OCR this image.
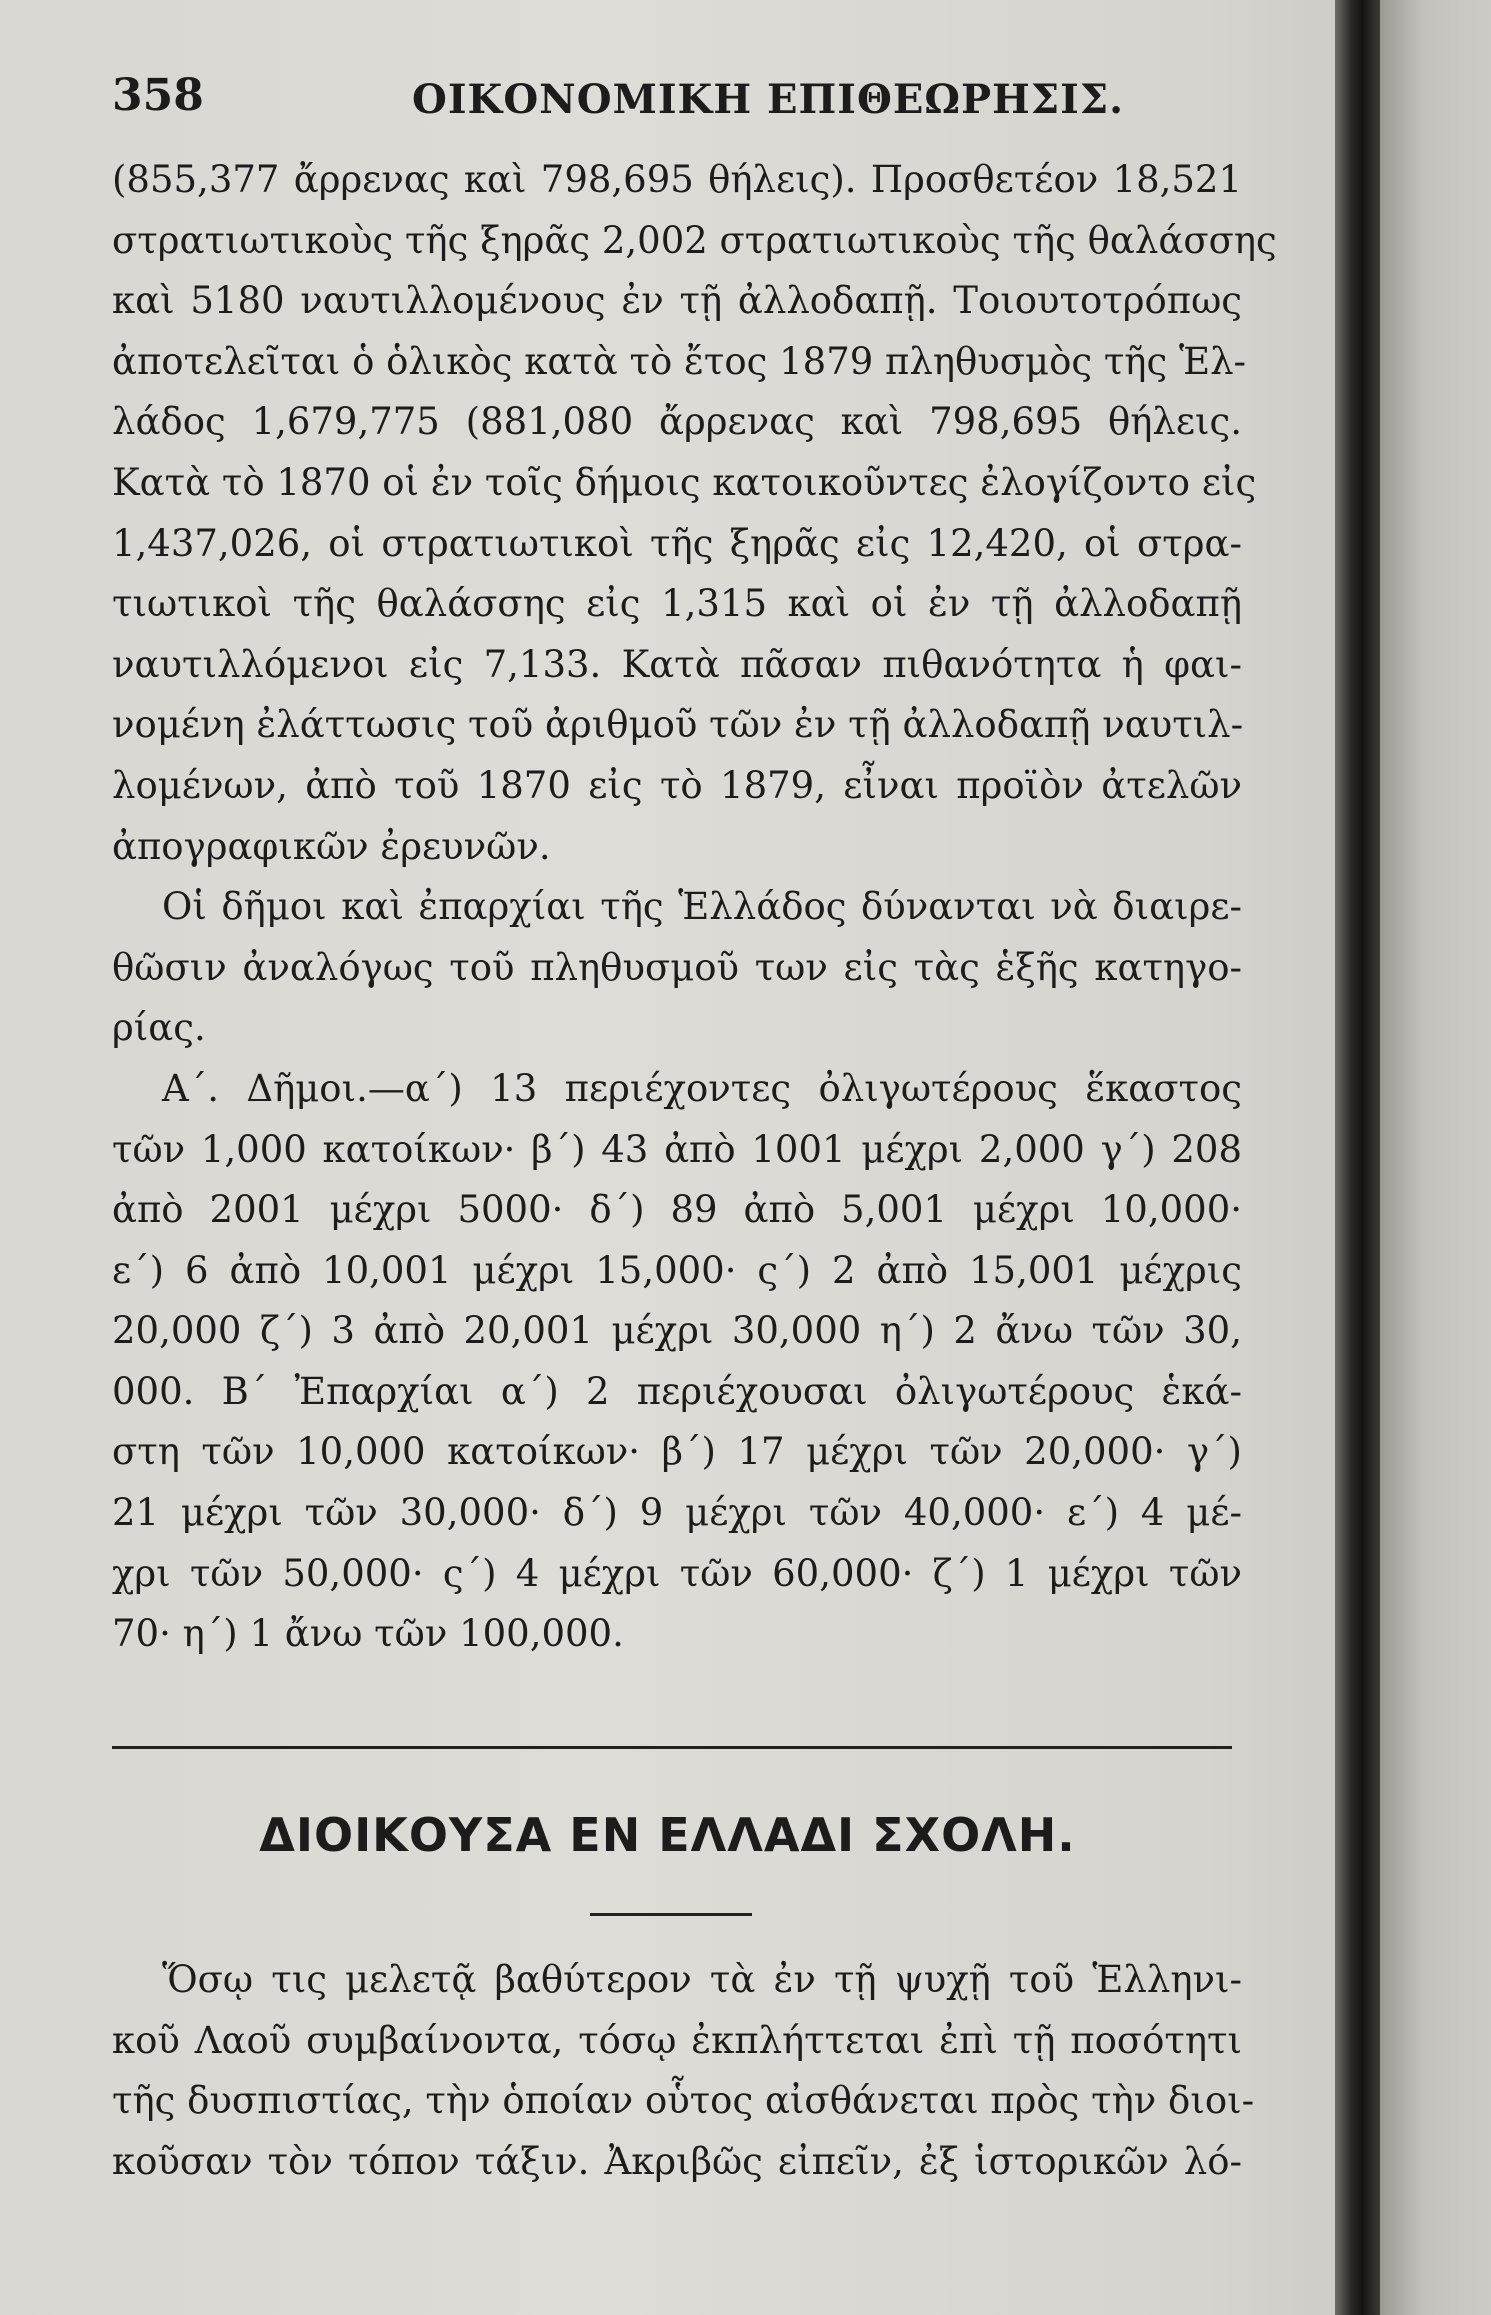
358	ΟΙΚΟΝΟΜΙΚΗ ΕΠΙΘΕΩΡΗΣΙΣ.
(855,377 ἄρρενας καὶ 798,695 θήλεις). Προσθετέον 18,521
στρατιωτικοὺς τῆς ξηρᾶς 2,002 στρατιωτικοὺς τῆς θαλάσσης
καὶ 5180 ναυτιλλομένους ἐν τῇ ἀλλοδαπῇ. Τοιουτοτρόπως
ἀποτελεῖται ὁ ὁλικὸς κατὰ τὸ ἔτος 1879 πληθυσμὸς τῆς Ἑλ-
λάδος 1,679,775 (881,080 ἄρρενας καὶ 798,695 θήλεις.
Κατὰ τὸ 1870 οἱ ἐν τοῖς δήμοις κατοικοῦντες ἐλογίζοντο εἰς
1,437,026, οἱ στρατιωτικοὶ τῆς ξηρᾶς εἰς 12,420, οἱ στρα-
τιωτικοὶ τῆς θαλάσσης εἰς 1,315 καὶ οἱ ἐν τῇ ἀλλοδαπῇ
ναυτιλλόμενοι εἰς 7,133. Κατὰ πᾶσαν πιθανότητα ἡ φαι-
νομένη ἐλάττωσις τοῦ ἀριθμοῦ τῶν ἐν τῇ ἀλλοδαπῇ ναυτιλ-
λομένων, ἀπὸ τοῦ 1870 εἰς τὸ 1879, εἶναι προϊὸν ἀτελῶν
ἀπογραφικῶν ἐρευνῶν.
Οἱ δῆμοι καὶ ἐπαρχίαι τῆς Ἑλλάδος δύνανται νὰ διαιρε-
θῶσιν ἀναλόγως τοῦ πληθυσμοῦ των εἰς τὰς ἑξῆς κατηγο-
ρίας.
Α΄. Δῆμοι.—α΄) 13 περιέχοντες ὀλιγωτέρους ἕκαστος
τῶν 1,000 κατοίκων· β΄) 43 ἀπὸ 1001 μέχρι 2,000 γ΄) 208
ἀπὸ 2001 μέχρι 5000· δ΄) 89 ἀπὸ 5,001 μέχρι 10,000·
ε΄) 6 ἀπὸ 10,001 μέχρι 15,000· ς΄) 2 ἀπὸ 15,001 μέχρις
20,000 ζ΄) 3 ἀπὸ 20,001 μέχρι 30,000 η΄) 2 ἄνω τῶν 30,
000. Β΄ Ἐπαρχίαι α΄) 2 περιέχουσαι ὀλιγωτέρους ἑκά-
στη τῶν 10,000 κατοίκων· β΄) 17 μέχρι τῶν 20,000· γ΄)
21 μέχρι τῶν 30,000· δ΄) 9 μέχρι τῶν 40,000· ε΄) 4 μέ-
χρι τῶν 50,000· ς΄) 4 μέχρι τῶν 60,000· ζ΄) 1 μέχρι τῶν
70· η΄) 1 ἄνω τῶν 100,000.
ΔΙΟΙΚΟΥΣΑ ΕΝ ΕΛΛΑΔΙ ΣΧΟΛΗ.
Ὅσῳ τις μελετᾷ βαθύτερον τὰ ἐν τῇ ψυχῇ τοῦ Ἑλληνι-
κοῦ Λαοῦ συμβαίνοντα, τόσῳ ἐκπλήττεται ἐπὶ τῇ ποσότητι
τῆς δυσπιστίας, τὴν ὁποίαν οὗτος αἰσθάνεται πρὸς τὴν διοι-
κοῦσαν τὸν τόπον τάξιν. Ἀκριβῶς εἰπεῖν, ἐξ ἱστορικῶν λό-
